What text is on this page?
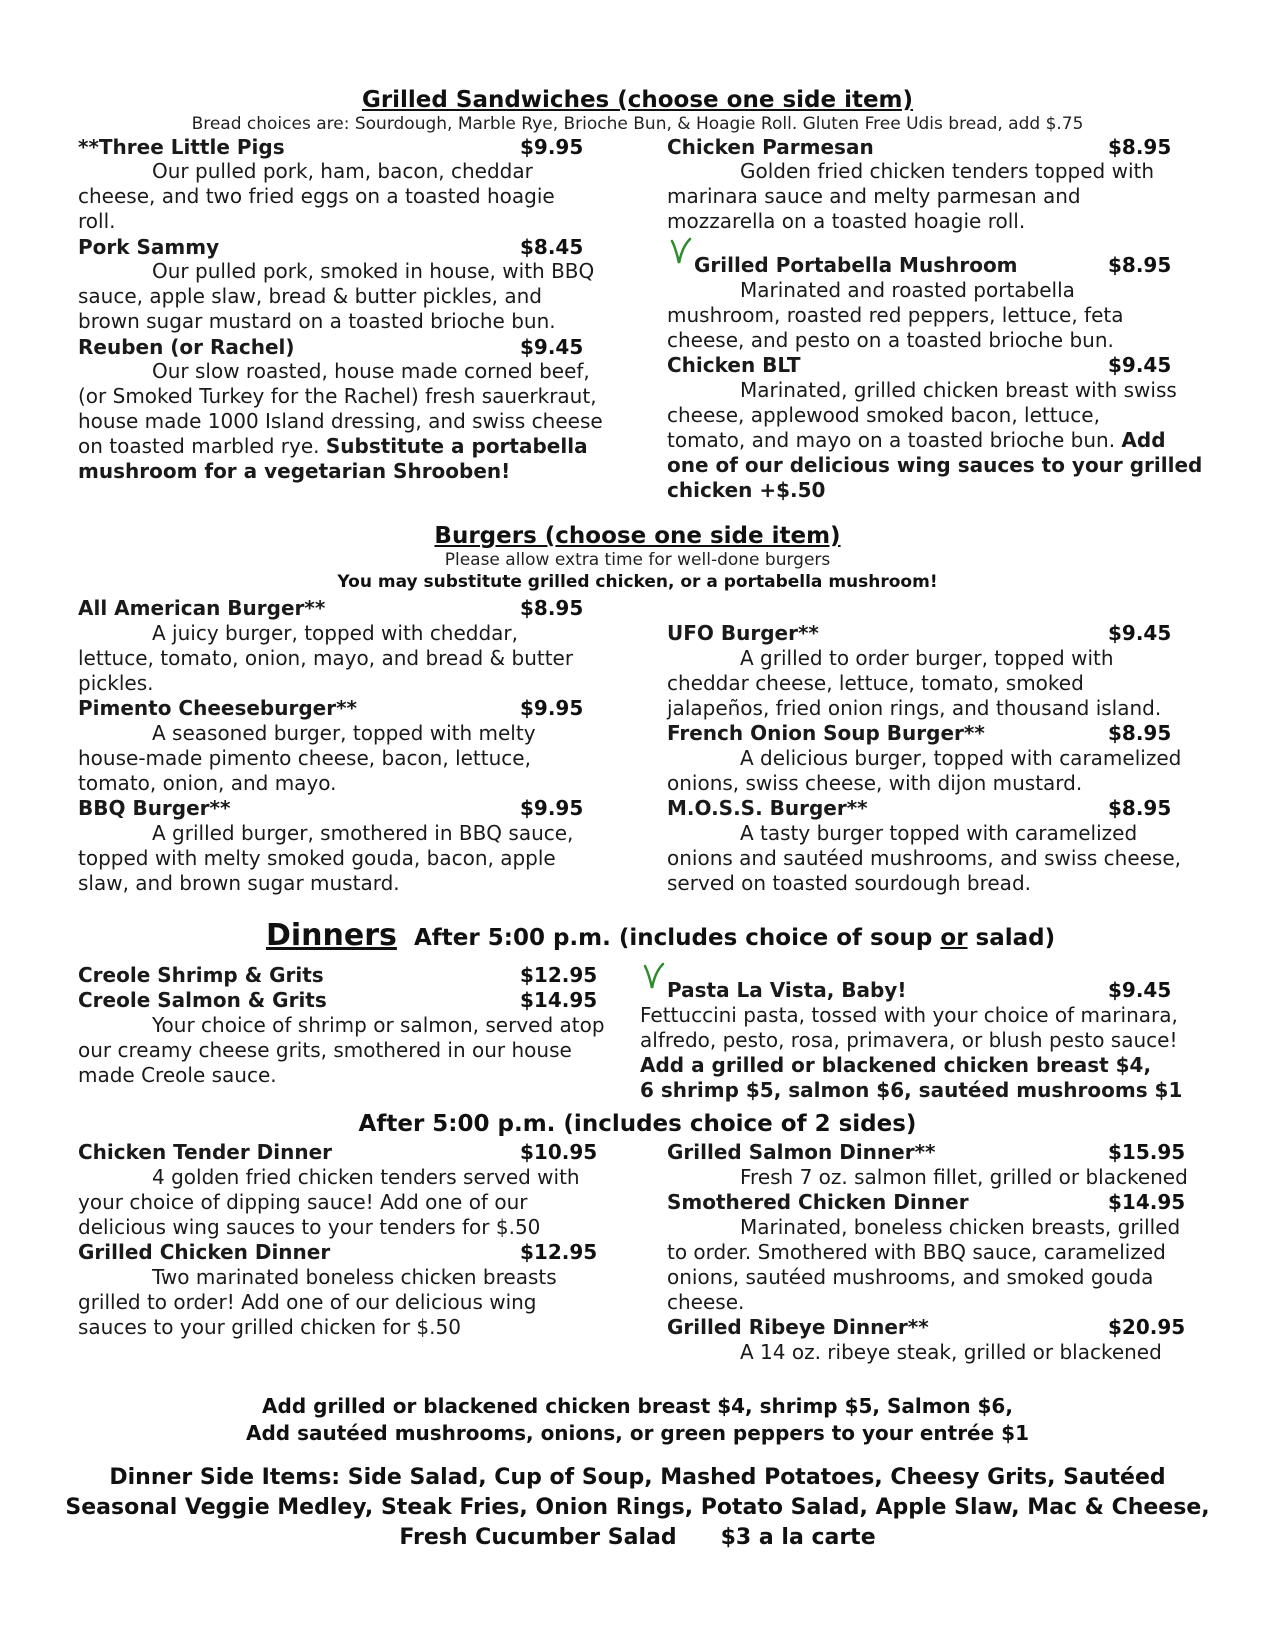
Grilled Sandwiches (choose one side item)
Bread choices are: Sourdough, Marble Rye, Brioche Bun, & Hoagie Roll. Gluten Free Udis bread, add $.75
**Three Little Pigs	$9.95
Our pulled pork, ham, bacon, cheddar
cheese, and two fried eggs on a toasted hoagie
roll.
Pork Sammy	$8.45
Our pulled pork, smoked in house, with BBQ
sauce, apple slaw, bread & butter pickles, and
brown sugar mustard on a toasted brioche bun.
Reuben (or Rachel)	$9.45
Our slow roasted, house made corned beef,
(or Smoked Turkey for the Rachel) fresh sauerkraut,
house made 1000 Island dressing, and swiss cheese
on toasted marbled rye. Substitute a portabella
mushroom for a vegetarian Shrooben!
Chicken Parmesan	$8.95
Golden fried chicken tenders topped with
marinara sauce and melty parmesan and
mozzarella on a toasted hoagie roll.
Grilled Portabella Mushroom	$8.95
Marinated and roasted portabella
mushroom, roasted red peppers, lettuce, feta
cheese, and pesto on a toasted brioche bun.
Chicken BLT	$9.45
Marinated, grilled chicken breast with swiss
cheese, applewood smoked bacon, lettuce,
tomato, and mayo on a toasted brioche bun. Add
one of our delicious wing sauces to your grilled
chicken +$.50
Burgers (choose one side item)
Please allow extra time for well-done burgers
You may substitute grilled chicken, or a portabella mushroom!
All American Burger**	$8.95
A juicy burger, topped with cheddar,
lettuce, tomato, onion, mayo, and bread & butter
pickles.
Pimento Cheeseburger**	$9.95
A seasoned burger, topped with melty
house-made pimento cheese, bacon, lettuce,
tomato, onion, and mayo.
BBQ Burger**	$9.95
A grilled burger, smothered in BBQ sauce,
topped with melty smoked gouda, bacon, apple
slaw, and brown sugar mustard.
UFO Burger**	$9.45
A grilled to order burger, topped with
cheddar cheese, lettuce, tomato, smoked
jalapeños, fried onion rings, and thousand island.
French Onion Soup Burger**	$8.95
A delicious burger, topped with caramelized
onions, swiss cheese, with dijon mustard.
M.O.S.S. Burger**	$8.95
A tasty burger topped with caramelized
onions and sautéed mushrooms, and swiss cheese,
served on toasted sourdough bread.
Dinners After 5:00 p.m. (includes choice of soup or salad)
Creole Shrimp & Grits	$12.95
Creole Salmon & Grits	$14.95
Your choice of shrimp or salmon, served atop
our creamy cheese grits, smothered in our house
made Creole sauce.
Pasta La Vista, Baby!	$9.45
Fettuccini pasta, tossed with your choice of marinara,
alfredo, pesto, rosa, primavera, or blush pesto sauce!
Add a grilled or blackened chicken breast $4,
6 shrimp $5, salmon $6, sautéed mushrooms $1
After 5:00 p.m. (includes choice of 2 sides)
Chicken Tender Dinner	$10.95
4 golden fried chicken tenders served with
your choice of dipping sauce! Add one of our
delicious wing sauces to your tenders for $.50
Grilled Chicken Dinner	$12.95
Two marinated boneless chicken breasts
grilled to order! Add one of our delicious wing
sauces to your grilled chicken for $.50
Grilled Salmon Dinner**	$15.95
Fresh 7 oz. salmon fillet, grilled or blackened
Smothered Chicken Dinner	$14.95
Marinated, boneless chicken breasts, grilled
to order. Smothered with BBQ sauce, caramelized
onions, sautéed mushrooms, and smoked gouda
cheese.
Grilled Ribeye Dinner**	$20.95
A 14 oz. ribeye steak, grilled or blackened
Add grilled or blackened chicken breast $4, shrimp $5, Salmon $6,
Add sautéed mushrooms, onions, or green peppers to your entrée $1
Dinner Side Items: Side Salad, Cup of Soup, Mashed Potatoes, Cheesy Grits, Sautéed
Seasonal Veggie Medley, Steak Fries, Onion Rings, Potato Salad, Apple Slaw, Mac & Cheese,
Fresh Cucumber Salad $3 a la carte
